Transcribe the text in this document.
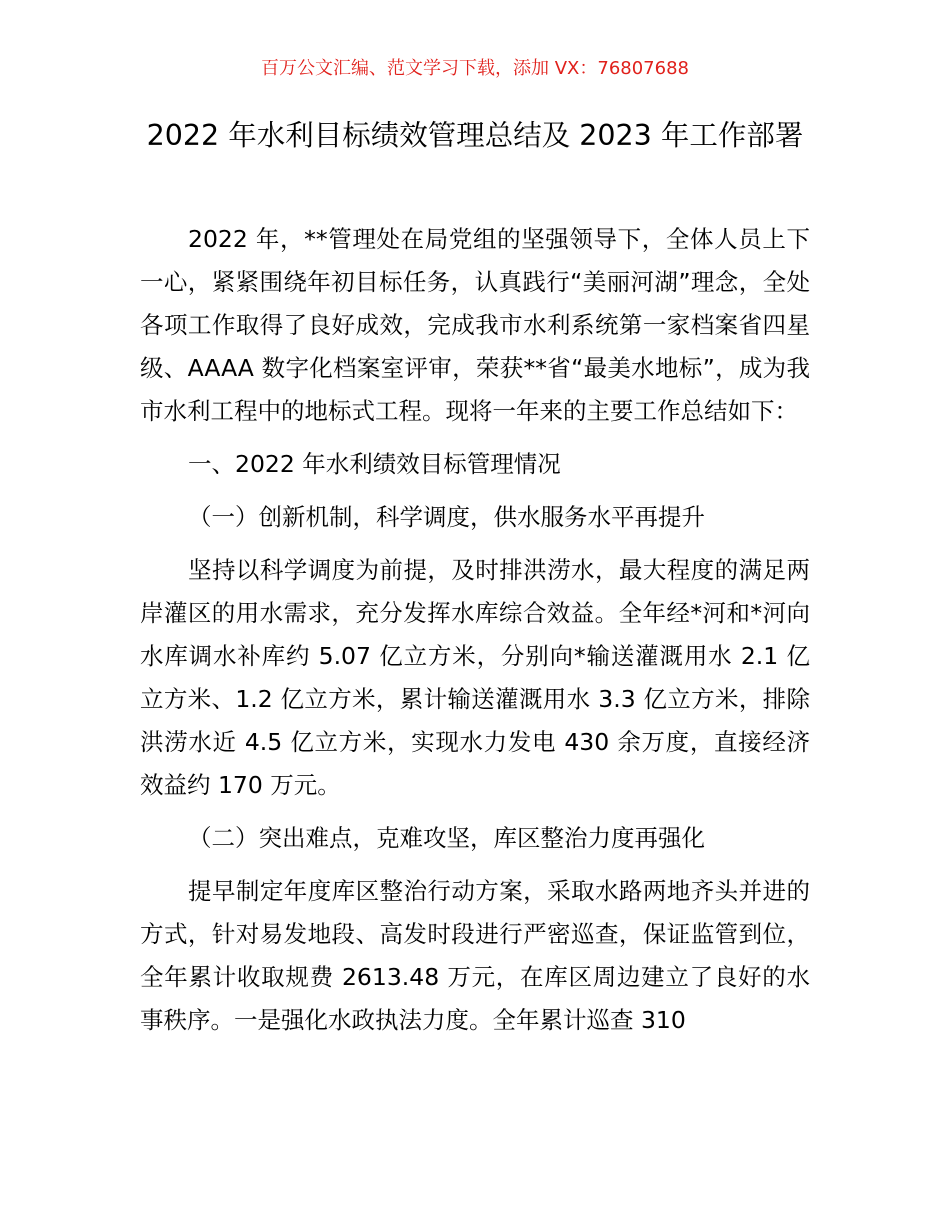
百万公文汇编、范文学习下载，添加 VX：76807688
2022 年水利目标绩效管理总结及 2023 年工作部署

2022 年，**管理处在局党组的坚强领导下，全体人员上下一心，紧紧围绕年初目标任务，认真践行“美丽河湖”理念，全处各项工作取得了良好成效，完成我市水利系统第一家档案省四星级、AAAA 数字化档案室评审，荣获**省“最美水地标”，成为我市水利工程中的地标式工程。现将一年来的主要工作总结如下：

一、2022 年水利绩效目标管理情况

（一）创新机制，科学调度，供水服务水平再提升

坚持以科学调度为前提，及时排洪涝水，最大程度的满足两岸灌区的用水需求，充分发挥水库综合效益。全年经*河和*河向水库调水补库约 5.07 亿立方米，分别向*输送灌溉用水 2.1 亿立方米、1.2 亿立方米，累计输送灌溉用水 3.3 亿立方米，排除洪涝水近 4.5 亿立方米，实现水力发电 430 余万度，直接经济效益约 170 万元。

（二）突出难点，克难攻坚，库区整治力度再强化

提早制定年度库区整治行动方案，采取水路两地齐头并进的方式，针对易发地段、高发时段进行严密巡查，保证监管到位，全年累计收取规费 2613.48 万元，在库区周边建立了良好的水事秩序。一是强化水政执法力度。全年累计巡查 310
